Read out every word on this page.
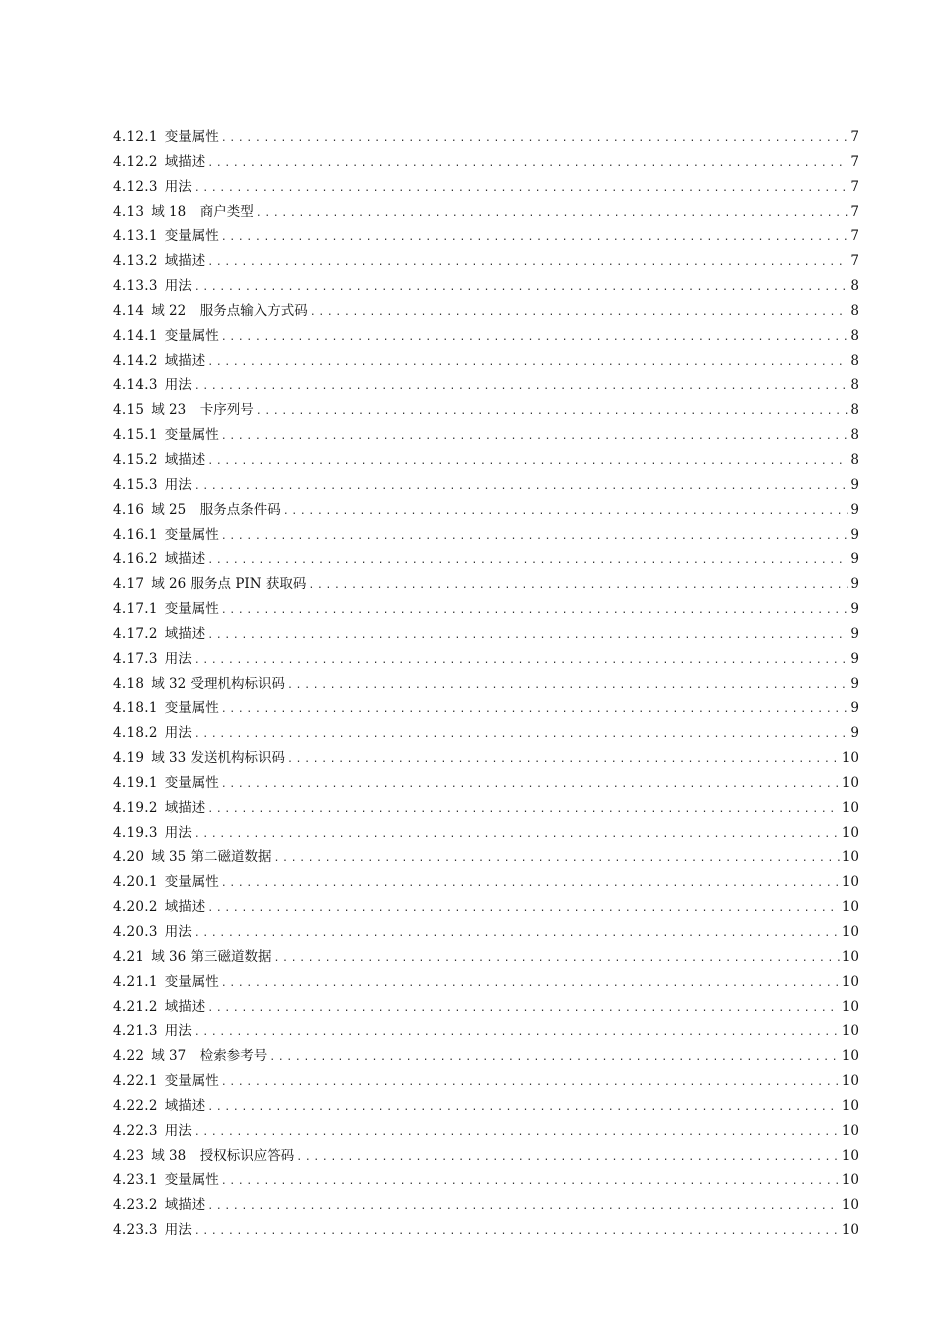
4.12.1 变量属性 .....	7
4.12.2 域描述 .....	7
4.12.3 用法 .....	7
4.13 域 18　商户类型 .....	7
4.13.1 变量属性 .....	7
4.13.2 域描述 .....	7
4.13.3 用法 .....	8
4.14 域 22　服务点输入方式码 .....	8
4.14.1 变量属性 .....	8
4.14.2 域描述 .....	8
4.14.3 用法 .....	8
4.15 域 23　卡序列号 .....	8
4.15.1 变量属性 .....	8
4.15.2 域描述 .....	8
4.15.3 用法 .....	9
4.16 域 25　服务点条件码 .....	9
4.16.1 变量属性 .....	9
4.16.2 域描述 .....	9
4.17 域 26 服务点 PIN 获取码 .....	9
4.17.1 变量属性 .....	9
4.17.2 域描述 .....	9
4.17.3 用法 .....	9
4.18 域 32 受理机构标识码 .....	9
4.18.1 变量属性 .....	9
4.18.2 用法 .....	9
4.19 域 33 发送机构标识码 .....	10
4.19.1 变量属性 .....	10
4.19.2 域描述 .....	10
4.19.3 用法 .....	10
4.20 域 35 第二磁道数据 .....	10
4.20.1 变量属性 .....	10
4.20.2 域描述 .....	10
4.20.3 用法 .....	10
4.21 域 36 第三磁道数据 .....	10
4.21.1 变量属性 .....	10
4.21.2 域描述 .....	10
4.21.3 用法 .....	10
4.22 域 37　检索参考号 .....	10
4.22.1 变量属性 .....	10
4.22.2 域描述 .....	10
4.22.3 用法 .....	10
4.23 域 38　授权标识应答码 .....	10
4.23.1 变量属性 .....	10
4.23.2 域描述 .....	10
4.23.3 用法 .....	10
